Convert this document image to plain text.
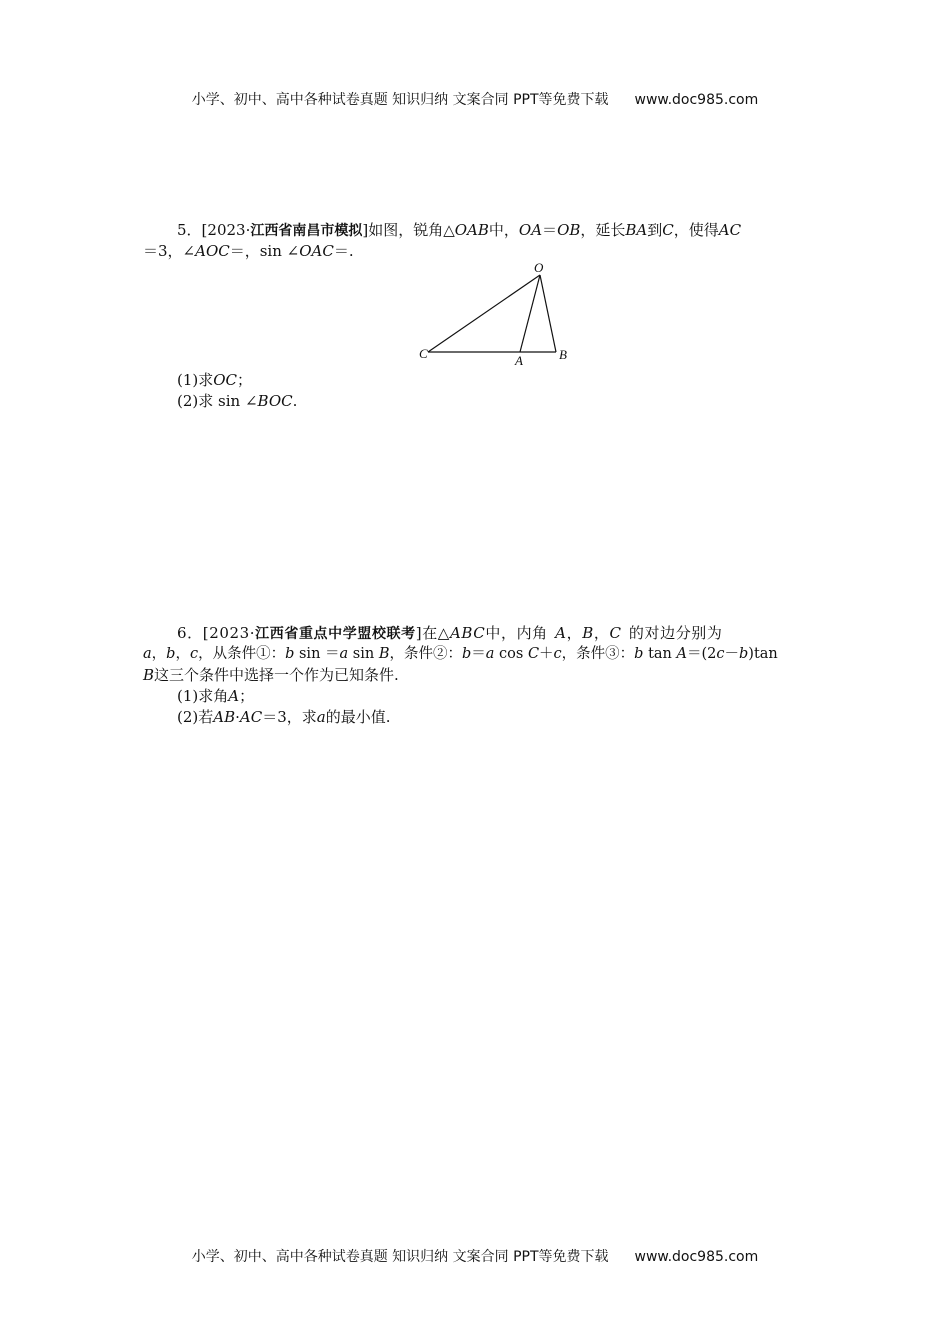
小学、初中、高中各种试卷真题 知识归纳 文案合同 PPT等免费下载 www.doc985.com
5．[2023·江西省南昌市模拟]如图，锐角△OAB中，OA＝OB，延长BA到C，使得AC
＝3，∠AOC＝，sin ∠OAC＝.
O
C	A	B
(1)求OC；
(2)求 sin ∠BOC.
6．[2023·江西省重点中学盟校联考]在△ABC中，内角 A，B，C 的对边分别为
a，b，c，从条件①：b sin ＝a sin B，条件②：b＝a cos C＋c，条件③：b tan A＝(2c－b)tan
B这三个条件中选择一个作为已知条件.
(1)求角A；
(2)若AB·AC＝3，求a的最小值.
小学、初中、高中各种试卷真题 知识归纳 文案合同 PPT等免费下载 www.doc985.com
